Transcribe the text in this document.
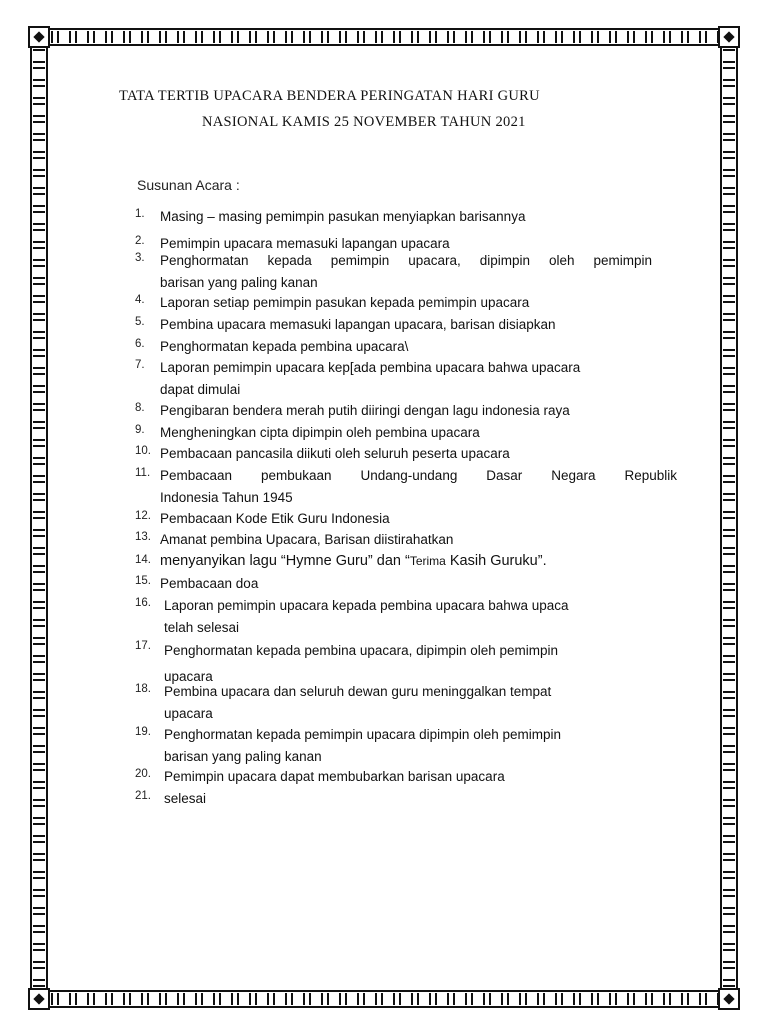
TATA TERTIB UPACARA BENDERA PERINGATAN HARI GURU
NASIONAL KAMIS 25 NOVEMBER TAHUN 2021
Susunan Acara :
1. Masing – masing pemimpin pasukan menyiapkan barisannya
2. Pemimpin upacara memasuki lapangan upacara
3. Penghormatan kepada pemimpin upacara, dipimpin oleh pemimpin
barisan yang paling kanan
4. Laporan setiap pemimpin pasukan kepada pemimpin upacara
5. Pembina upacara memasuki lapangan upacara, barisan disiapkan
6. Penghormatan kepada pembina upacara\
7. Laporan pemimpin upacara kep[ada pembina upacara bahwa upacara
dapat dimulai
8. Pengibaran bendera merah putih diiringi dengan lagu indonesia raya
9. Mengheningkan cipta dipimpin oleh pembina upacara
10. Pembacaan pancasila diikuti oleh seluruh peserta upacara
11. Pembacaan pembukaan Undang-undang Dasar Negara Republik
Indonesia Tahun 1945
12. Pembacaan Kode Etik Guru Indonesia
13. Amanat pembina Upacara, Barisan diistirahatkan
14. menyanyikan lagu “Hymne Guru” dan “Terima Kasih Guruku”.
15. Pembacaan doa
16. Laporan pemimpin upacara kepada pembina upacara bahwa upaca
telah selesai
17. Penghormatan kepada pembina upacara, dipimpin oleh pemimpin
upacara
18. Pembina upacara dan seluruh dewan guru meninggalkan tempat
upacara
19. Penghormatan kepada pemimpin upacara dipimpin oleh pemimpin
barisan yang paling kanan
20. Pemimpin upacara dapat membubarkan barisan upacara
21. selesai
